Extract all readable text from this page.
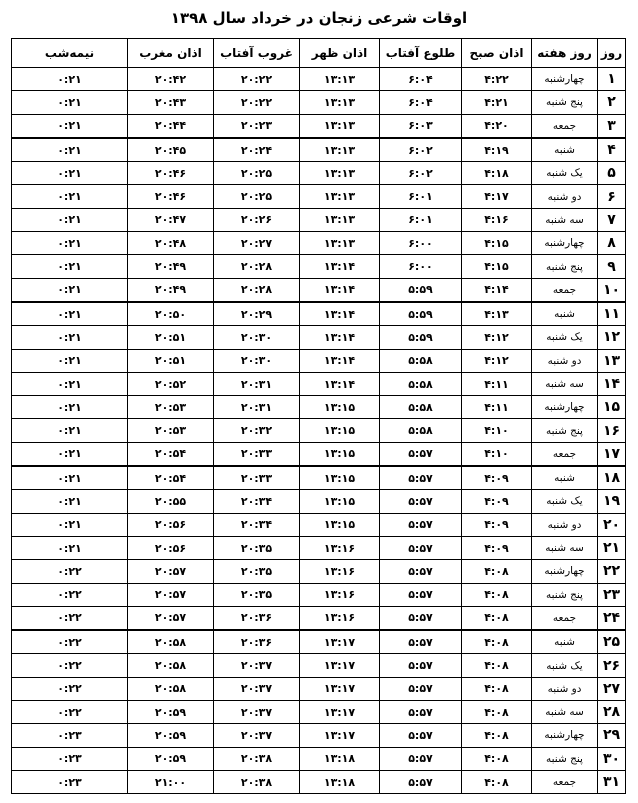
اوقات شرعی زنجان در خرداد سال ۱۳۹۸
روز	روز هفته	اذان صبح	طلوع آفتاب	اذان ظهر	غروب آفتاب	اذان مغرب	نیمه‌شب
۱	چهارشنبه	۴:۲۲	۶:۰۴	۱۳:۱۳	۲۰:۲۲	۲۰:۴۲	۰:۲۱
۲	پنج شنبه	۴:۲۱	۶:۰۴	۱۳:۱۳	۲۰:۲۲	۲۰:۴۳	۰:۲۱
۳	جمعه	۴:۲۰	۶:۰۳	۱۳:۱۳	۲۰:۲۳	۲۰:۴۴	۰:۲۱
۴	شنبه	۴:۱۹	۶:۰۲	۱۳:۱۳	۲۰:۲۴	۲۰:۴۵	۰:۲۱
۵	یک شنبه	۴:۱۸	۶:۰۲	۱۳:۱۳	۲۰:۲۵	۲۰:۴۶	۰:۲۱
۶	دو شنبه	۴:۱۷	۶:۰۱	۱۳:۱۳	۲۰:۲۵	۲۰:۴۶	۰:۲۱
۷	سه شنبه	۴:۱۶	۶:۰۱	۱۳:۱۳	۲۰:۲۶	۲۰:۴۷	۰:۲۱
۸	چهارشنبه	۴:۱۵	۶:۰۰	۱۳:۱۳	۲۰:۲۷	۲۰:۴۸	۰:۲۱
۹	پنج شنبه	۴:۱۵	۶:۰۰	۱۳:۱۴	۲۰:۲۸	۲۰:۴۹	۰:۲۱
۱۰	جمعه	۴:۱۴	۵:۵۹	۱۳:۱۴	۲۰:۲۸	۲۰:۴۹	۰:۲۱
۱۱	شنبه	۴:۱۳	۵:۵۹	۱۳:۱۴	۲۰:۲۹	۲۰:۵۰	۰:۲۱
۱۲	یک شنبه	۴:۱۲	۵:۵۹	۱۳:۱۴	۲۰:۳۰	۲۰:۵۱	۰:۲۱
۱۳	دو شنبه	۴:۱۲	۵:۵۸	۱۳:۱۴	۲۰:۳۰	۲۰:۵۱	۰:۲۱
۱۴	سه شنبه	۴:۱۱	۵:۵۸	۱۳:۱۴	۲۰:۳۱	۲۰:۵۲	۰:۲۱
۱۵	چهارشنبه	۴:۱۱	۵:۵۸	۱۳:۱۵	۲۰:۳۱	۲۰:۵۳	۰:۲۱
۱۶	پنج شنبه	۴:۱۰	۵:۵۸	۱۳:۱۵	۲۰:۳۲	۲۰:۵۳	۰:۲۱
۱۷	جمعه	۴:۱۰	۵:۵۷	۱۳:۱۵	۲۰:۳۳	۲۰:۵۴	۰:۲۱
۱۸	شنبه	۴:۰۹	۵:۵۷	۱۳:۱۵	۲۰:۳۳	۲۰:۵۴	۰:۲۱
۱۹	یک شنبه	۴:۰۹	۵:۵۷	۱۳:۱۵	۲۰:۳۴	۲۰:۵۵	۰:۲۱
۲۰	دو شنبه	۴:۰۹	۵:۵۷	۱۳:۱۵	۲۰:۳۴	۲۰:۵۶	۰:۲۱
۲۱	سه شنبه	۴:۰۹	۵:۵۷	۱۳:۱۶	۲۰:۳۵	۲۰:۵۶	۰:۲۱
۲۲	چهارشنبه	۴:۰۸	۵:۵۷	۱۳:۱۶	۲۰:۳۵	۲۰:۵۷	۰:۲۲
۲۳	پنج شنبه	۴:۰۸	۵:۵۷	۱۳:۱۶	۲۰:۳۵	۲۰:۵۷	۰:۲۲
۲۴	جمعه	۴:۰۸	۵:۵۷	۱۳:۱۶	۲۰:۳۶	۲۰:۵۷	۰:۲۲
۲۵	شنبه	۴:۰۸	۵:۵۷	۱۳:۱۷	۲۰:۳۶	۲۰:۵۸	۰:۲۲
۲۶	یک شنبه	۴:۰۸	۵:۵۷	۱۳:۱۷	۲۰:۳۷	۲۰:۵۸	۰:۲۲
۲۷	دو شنبه	۴:۰۸	۵:۵۷	۱۳:۱۷	۲۰:۳۷	۲۰:۵۸	۰:۲۲
۲۸	سه شنبه	۴:۰۸	۵:۵۷	۱۳:۱۷	۲۰:۳۷	۲۰:۵۹	۰:۲۲
۲۹	چهارشنبه	۴:۰۸	۵:۵۷	۱۳:۱۷	۲۰:۳۷	۲۰:۵۹	۰:۲۳
۳۰	پنج شنبه	۴:۰۸	۵:۵۷	۱۳:۱۸	۲۰:۳۸	۲۰:۵۹	۰:۲۳
۳۱	جمعه	۴:۰۸	۵:۵۷	۱۳:۱۸	۲۰:۳۸	۲۱:۰۰	۰:۲۳
